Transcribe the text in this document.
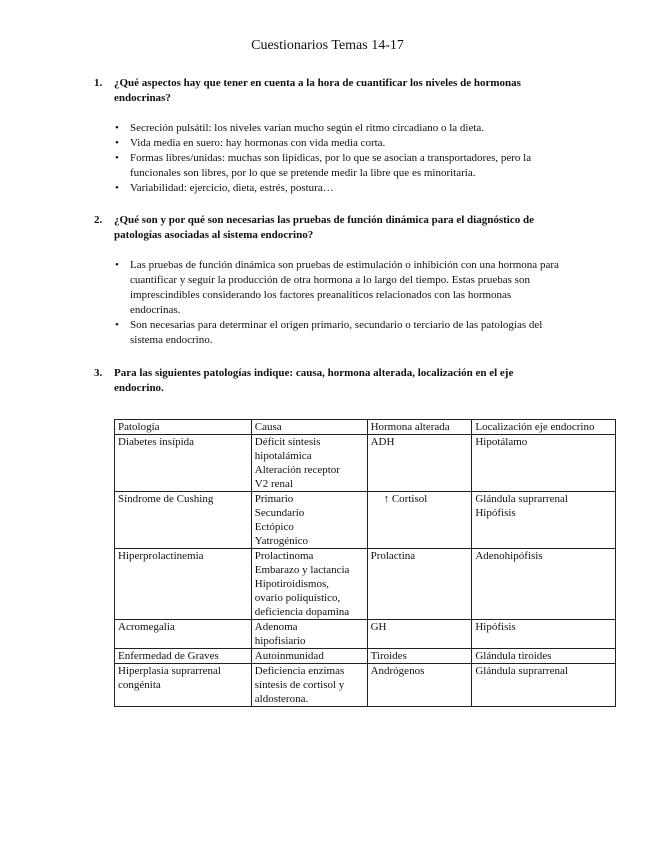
Cuestionarios Temas 14-17
1. ¿Qué aspectos hay que tener en cuenta a la hora de cuantificar los niveles de hormonas endocrinas?
• Secreción pulsátil: los niveles varían mucho según el ritmo circadiano o la dieta.
• Vida media en suero: hay hormonas con vida media corta.
• Formas libres/unidas: muchas son lipídicas, por lo que se asocian a transportadores, pero la funcionales son libres, por lo que se pretende medir la libre que es minoritaria.
• Variabilidad: ejercicio, dieta, estrés, postura…
2. ¿Qué son y por qué son necesarias las pruebas de función dinámica para el diagnóstico de patologías asociadas al sistema endocrino?
• Las pruebas de función dinámica son pruebas de estimulación o inhibición con una hormona para cuantificar y seguir la producción de otra hormona a lo largo del tiempo. Estas pruebas son imprescindibles considerando los factores preanalíticos relacionados con las hormonas endocrinas.
• Son necesarias para determinar el origen primario, secundario o terciario de las patologías del sistema endocrino.
3. Para las siguientes patologías indique: causa, hormona alterada, localización en el eje endocrino.
Patología	Causa	Hormona alterada	Localización eje endocrino
Diabetes insípida	Déficit síntesis
hipotalámica
Alteración receptor
V2 renal	ADH	Hipotálamo

Síndrome de Cushing	Primario
Secundario
Ectópico
Yatrogénico	↑ Cortisol	Glándula suprarrenal
Hipófisis

Hiperprolactinemia	Prolactinoma
Embarazo y lactancia
Hipotiroidismos,
ovario poliquístico,
deficiencia dopamina	Prolactina	Adenohipófisis

Acromegalia	Adenoma
hipofisiario	GH	Hipófisis

Enfermedad de Graves	Autoinmunidad	Tiroides	Glándula tiroides

Hiperplasia suprarrenal congénita	Deficiencia enzimas
síntesis de cortisol y
aldosterona.	Andrógenos	Glándula suprarrenal
